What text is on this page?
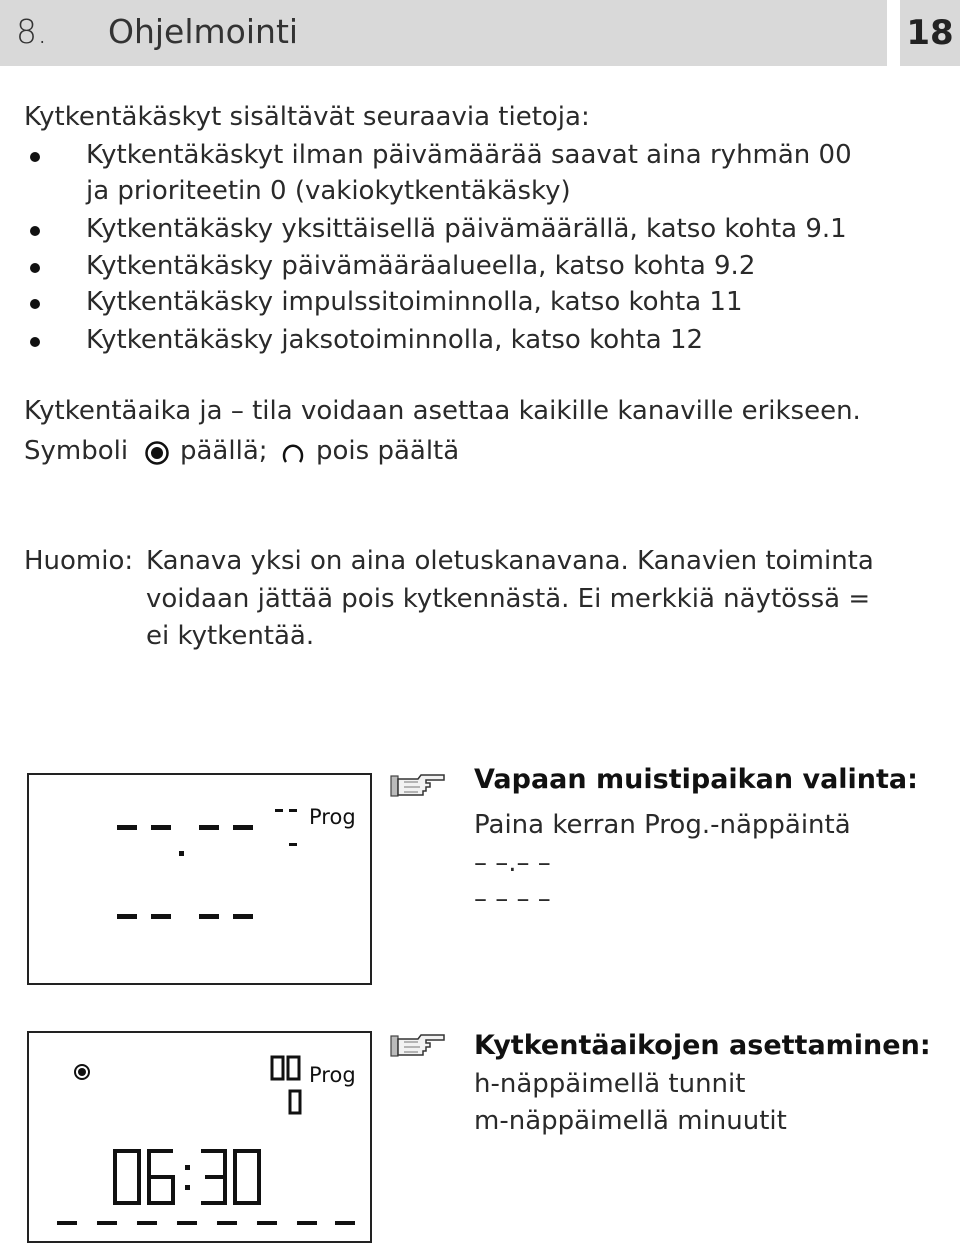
8. Ohjelmointi	18
Kytkentäkäskyt sisältävät seuraavia tietoja:
Kytkentäkäskyt ilman päivämäärää saavat aina ryhmän 00
ja prioriteetin 0 (vakiokytkentäkäsky)
Kytkentäkäsky yksittäisellä päivämäärällä, katso kohta 9.1
Kytkentäkäsky päivämääräalueella, katso kohta 9.2
Kytkentäkäsky impulssitoiminnolla, katso kohta 11
Kytkentäkäsky jaksotoiminnolla, katso kohta 12
Kytkentäaika ja – tila voidaan asettaa kaikille kanaville erikseen.
Symboli päällä; pois päältä
Huomio: Kanava yksi on aina oletuskanavana. Kanavien toiminta
voidaan jättää pois kytkennästä. Ei merkkiä näytössä =
ei kytkentää.
Prog
Vapaan muistipaikan valinta:
Paina kerran Prog.-näppäintä
– –.– –
– – – –
Prog
Kytkentäaikojen asettaminen:
h-näppäimellä tunnit
m-näppäimellä minuutit
